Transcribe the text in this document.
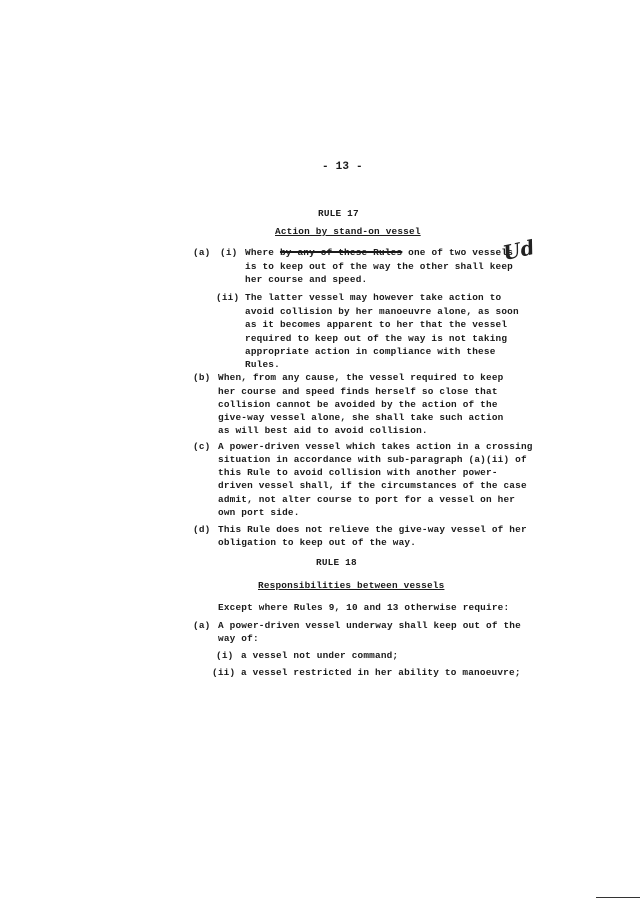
- 13 -
RULE 17
Action by stand-on vessel
(a) (i) Where by any of these Rules one of two vessels
is to keep out of the way the other shall keep
her course and speed.
(ii) The latter vessel may however take action to
avoid collision by her manoeuvre alone, as soon
as it becomes apparent to her that the vessel
required to keep out of the way is not taking
appropriate action in compliance with these
Rules.
(b) When, from any cause, the vessel required to keep
her course and speed finds herself so close that
collision cannot be avoided by the action of the
give-way vessel alone, she shall take such action
as will best aid to avoid collision.
(c) A power-driven vessel which takes action in a crossing
situation in accordance with sub-paragraph (a)(ii) of
this Rule to avoid collision with another power-
driven vessel shall, if the circumstances of the case
admit, not alter course to port for a vessel on her
own port side.
(d) This Rule does not relieve the give-way vessel of her
obligation to keep out of the way.
RULE 18
Responsibilities between vessels
Except where Rules 9, 10 and 13 otherwise require:
(a) A power-driven vessel underway shall keep out of the
way of:
(i) a vessel not under command;
(ii) a vessel restricted in her ability to manoeuvre;
Ud
